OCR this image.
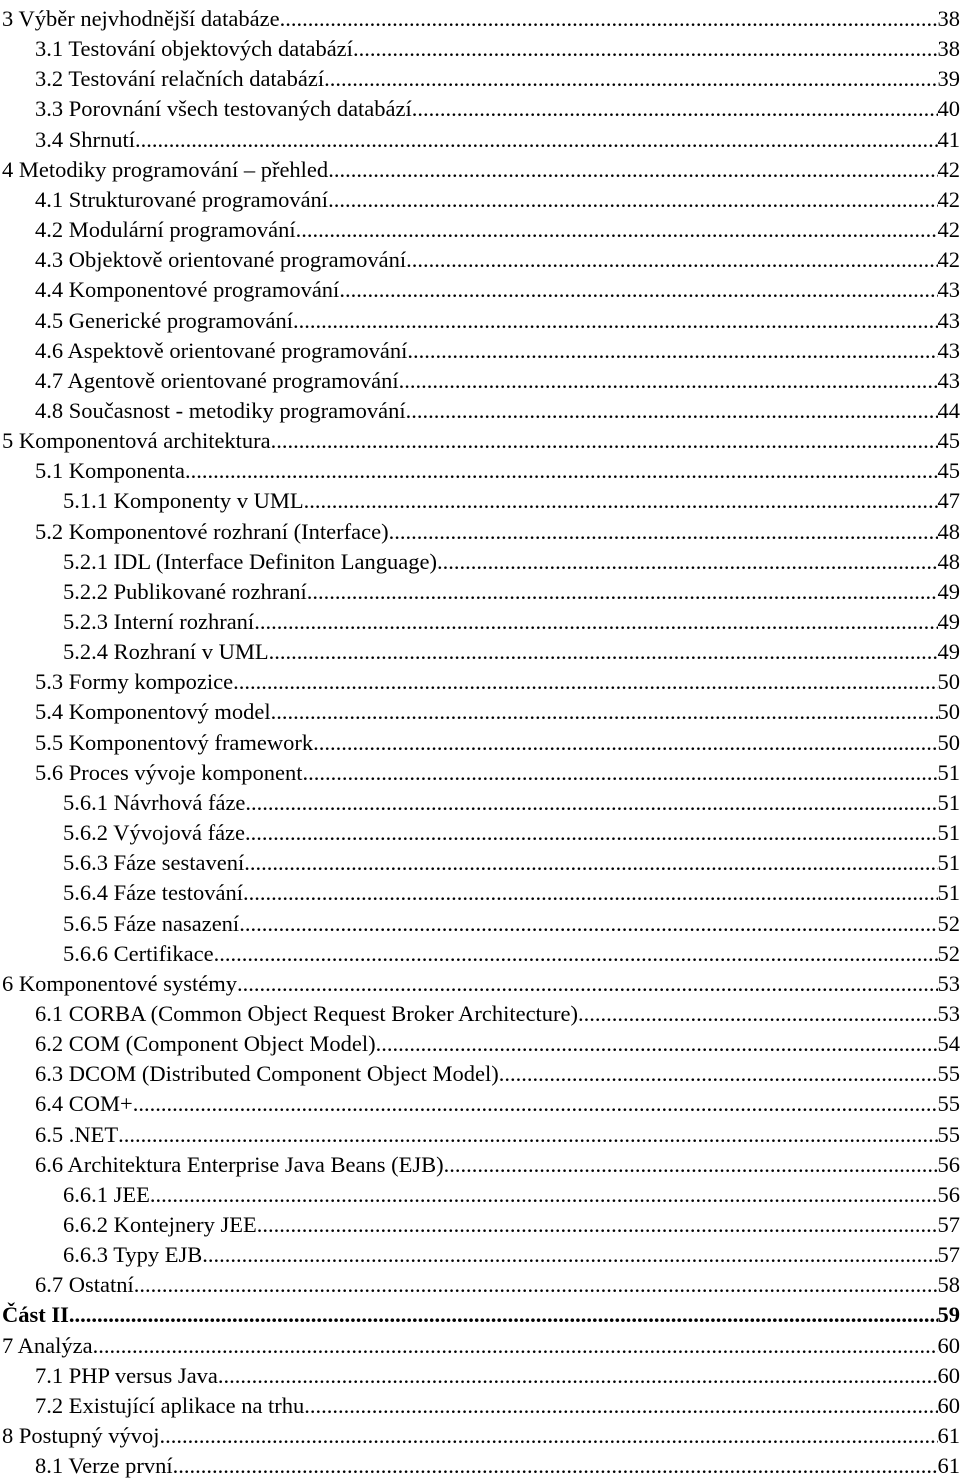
3 Výběr nejvhodnější databáze .....	38
3.1 Testování objektových databází .....	38
3.2 Testování relačních databází .....	39
3.3 Porovnání všech testovaných databází .....	40
3.4 Shrnutí .....	41
4 Metodiky programování – přehled .....	42
4.1 Strukturované programování .....	42
4.2 Modulární programování .....	42
4.3 Objektově orientované programování .....	42
4.4 Komponentové programování .....	43
4.5 Generické programování .....	43
4.6 Aspektově orientované programování .....	43
4.7 Agentově orientované programování .....	43
4.8 Současnost - metodiky programování .....	44
5 Komponentová architektura .....	45
5.1 Komponenta .....	45
5.1.1 Komponenty v UML .....	47
5.2 Komponentové rozhraní (Interface) .....	48
5.2.1 IDL (Interface Definiton Language) .....	48
5.2.2 Publikované rozhraní .....	49
5.2.3 Interní rozhraní .....	49
5.2.4 Rozhraní v UML .....	49
5.3 Formy kompozice .....	50
5.4 Komponentový model .....	50
5.5 Komponentový framework .....	50
5.6 Proces vývoje komponent .....	51
5.6.1 Návrhová fáze .....	51
5.6.2 Vývojová fáze .....	51
5.6.3 Fáze sestavení .....	51
5.6.4 Fáze testování .....	51
5.6.5 Fáze nasazení .....	52
5.6.6 Certifikace .....	52
6 Komponentové systémy .....	53
6.1 CORBA (Common Object Request Broker Architecture) .....	53
6.2 COM (Component Object Model) .....	54
6.3 DCOM (Distributed Component Object Model) .....	55
6.4 COM+ .....	55
6.5 .NET .....	55
6.6 Architektura Enterprise Java Beans (EJB) .....	56
6.6.1 JEE .....	56
6.6.2 Kontejnery JEE .....	57
6.6.3 Typy EJB .....	57
6.7 Ostatní .....	58
Část II. .....	59
7 Analýza .....	60
7.1 PHP versus Java .....	60
7.2 Existující aplikace na trhu .....	60
8 Postupný vývoj .....	61
8.1 Verze první .....	61
